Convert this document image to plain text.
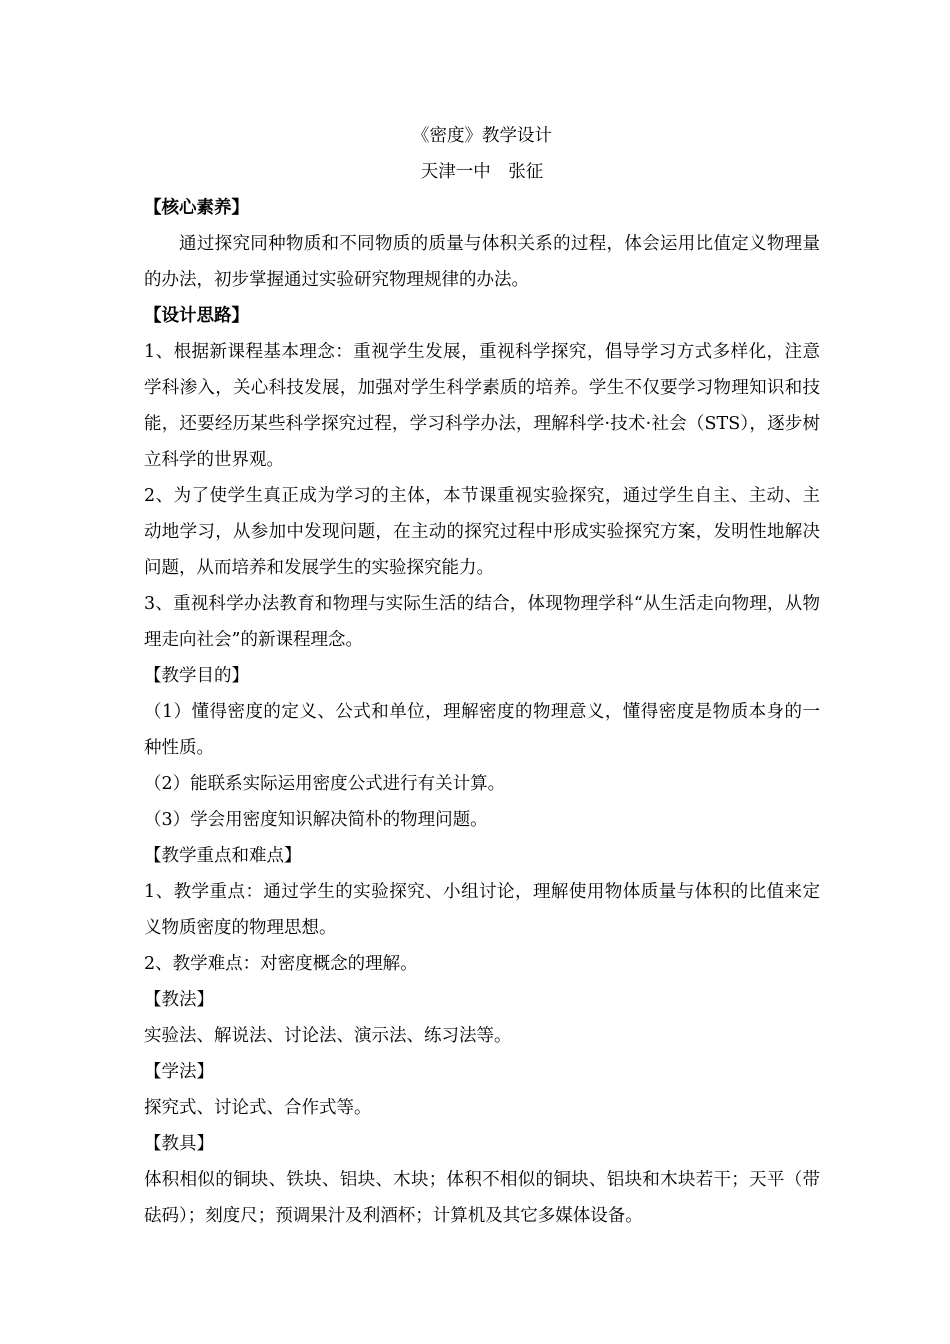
《密度》教学设计
天津一中　张征
【核心素养】
通过探究同种物质和不同物质的质量与体积关系的过程，体会运用比值定义物理量的办法，初步掌握通过实验研究物理规律的办法。
【设计思路】
1、根据新课程基本理念：重视学生发展，重视科学探究，倡导学习方式多样化，注意学科渗入，关心科技发展，加强对学生科学素质的培养。学生不仅要学习物理知识和技能，还要经历某些科学探究过程，学习科学办法，理解科学·技术·社会（STS），逐步树立科学的世界观。
2、为了使学生真正成为学习的主体，本节课重视实验探究，通过学生自主、主动、主动地学习，从参加中发现问题，在主动的探究过程中形成实验探究方案，发明性地解决问题，从而培养和发展学生的实验探究能力。
3、重视科学办法教育和物理与实际生活的结合，体现物理学科“从生活走向物理，从物理走向社会”的新课程理念。
【教学目的】
（1）懂得密度的定义、公式和单位，理解密度的物理意义，懂得密度是物质本身的一种性质。
（2）能联系实际运用密度公式进行有关计算。
（3）学会用密度知识解决简朴的物理问题。
【教学重点和难点】
1、教学重点：通过学生的实验探究、小组讨论，理解使用物体质量与体积的比值来定义物质密度的物理思想。
2、教学难点：对密度概念的理解。
【教法】
实验法、解说法、讨论法、演示法、练习法等。
【学法】
探究式、讨论式、合作式等。
【教具】
体积相似的铜块、铁块、铝块、木块；体积不相似的铜块、铝块和木块若干；天平（带砝码）；刻度尺；预调果汁及利酒杯；计算机及其它多媒体设备。
